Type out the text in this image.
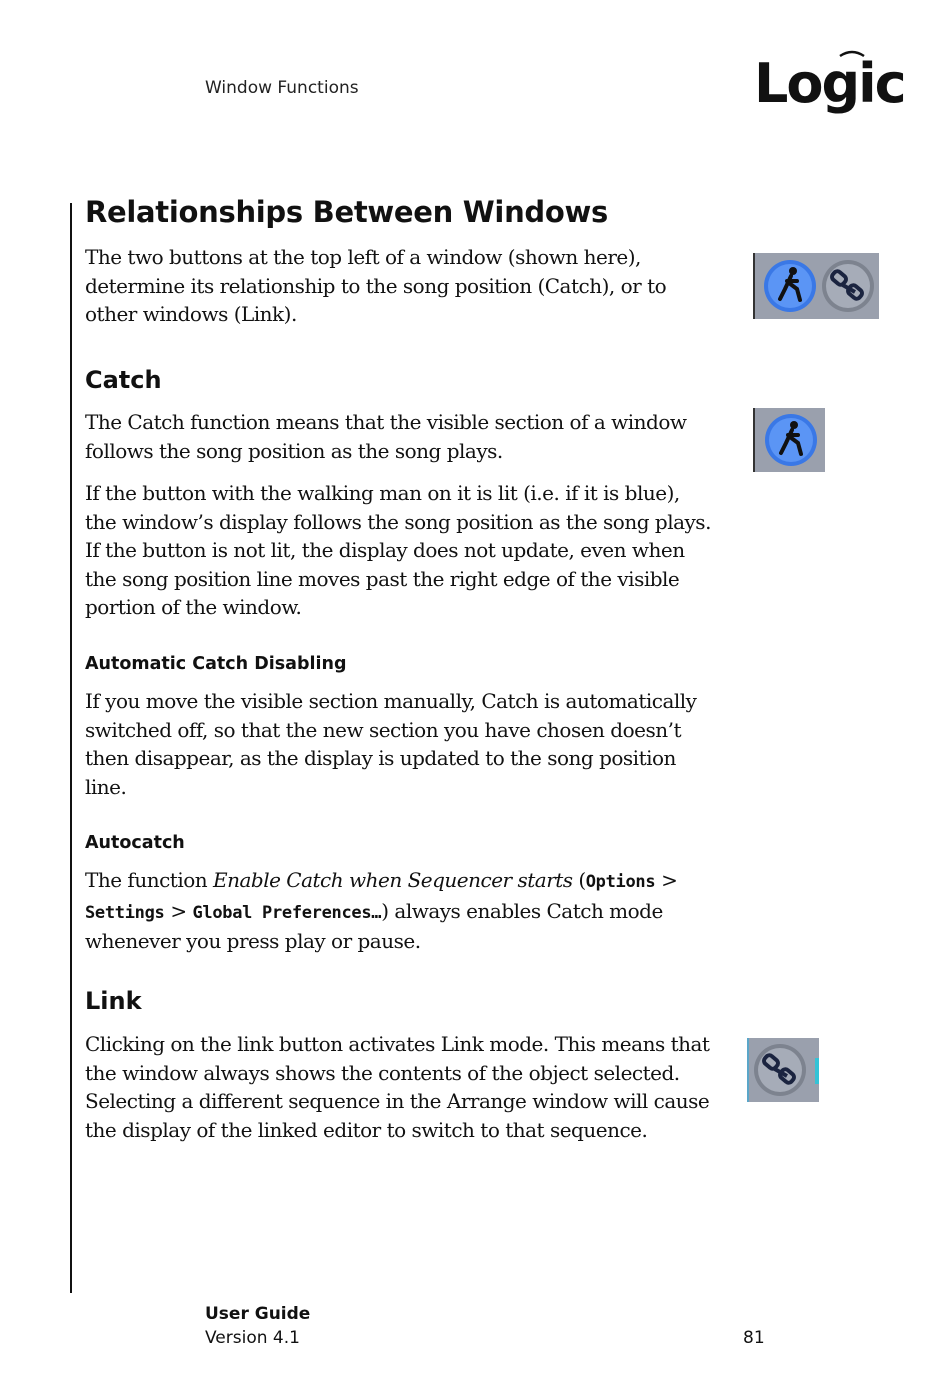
Window Functions	Logic
Relationships Between Windows

The two buttons at the top left of a window (shown here), determine its relationship to the song position (Catch), or to other windows (Link).

Catch

The Catch function means that the visible section of a window follows the song position as the song plays.

If the button with the walking man on it is lit (i.e. if it is blue), the window’s display follows the song position as the song plays. If the button is not lit, the display does not update, even when the song position line moves past the right edge of the visible portion of the window.

Automatic Catch Disabling

If you move the visible section manually, Catch is automatically switched off, so that the new section you have chosen doesn’t then disappear, as the display is updated to the song position line.

Autocatch

The function Enable Catch when Sequencer starts (Options > Settings > Global Preferences…) always enables Catch mode whenever you press play or pause.

Link

Clicking on the link button activates Link mode. This means that the window always shows the contents of the object selected. Selecting a different sequence in the Arrange window will cause the display of the linked editor to switch to that sequence.

User Guide
Version 4.1	81
